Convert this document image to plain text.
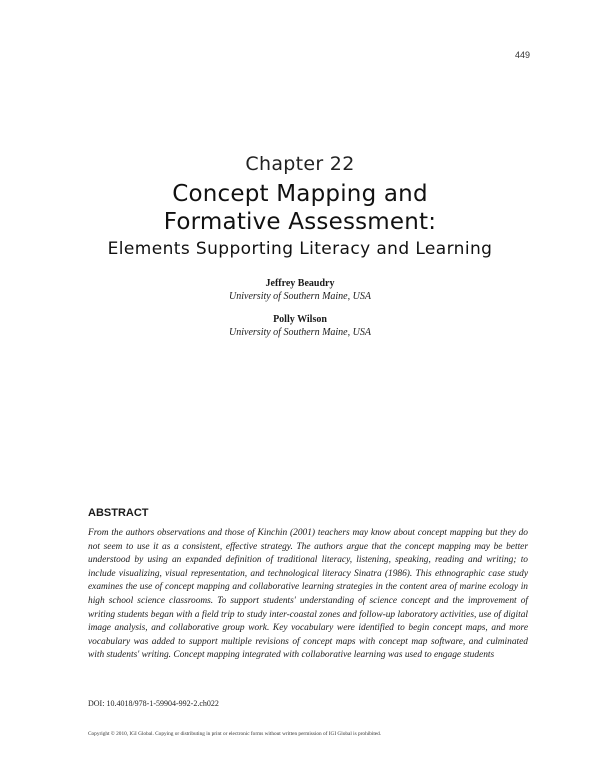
449
Chapter 22
Concept Mapping and
Formative Assessment:
Elements Supporting Literacy and Learning
Jeffrey Beaudry
University of Southern Maine, USA
Polly Wilson
University of Southern Maine, USA
ABSTRACT

From the authors observations and those of Kinchin (2001) teachers may know about concept mapping but they do not seem to use it as a consistent, effective strategy. The authors argue that the concept mapping may be better understood by using an expanded definition of traditional literacy, listening, speaking, reading and writing; to include visualizing, visual representation, and technological literacy Sinatra (1986). This ethnographic case study examines the use of concept mapping and collaborative learning strategies in the content area of marine ecology in high school science classrooms. To support students' understanding of science concept and the improvement of writing students began with a field trip to study inter-coastal zones and follow-up laboratory activities, use of digital image analysis, and collaborative group work. Key vocabulary were identified to begin concept maps, and more vocabulary was added to support multiple revisions of concept maps with concept map software, and culminated with students' writing. Concept mapping integrated with collaborative learning was used to engage students

DOI: 10.4018/978-1-59904-992-2.ch022
Copyright © 2010, IGI Global. Copying or distributing in print or electronic forms without written permission of IGI Global is prohibited.
